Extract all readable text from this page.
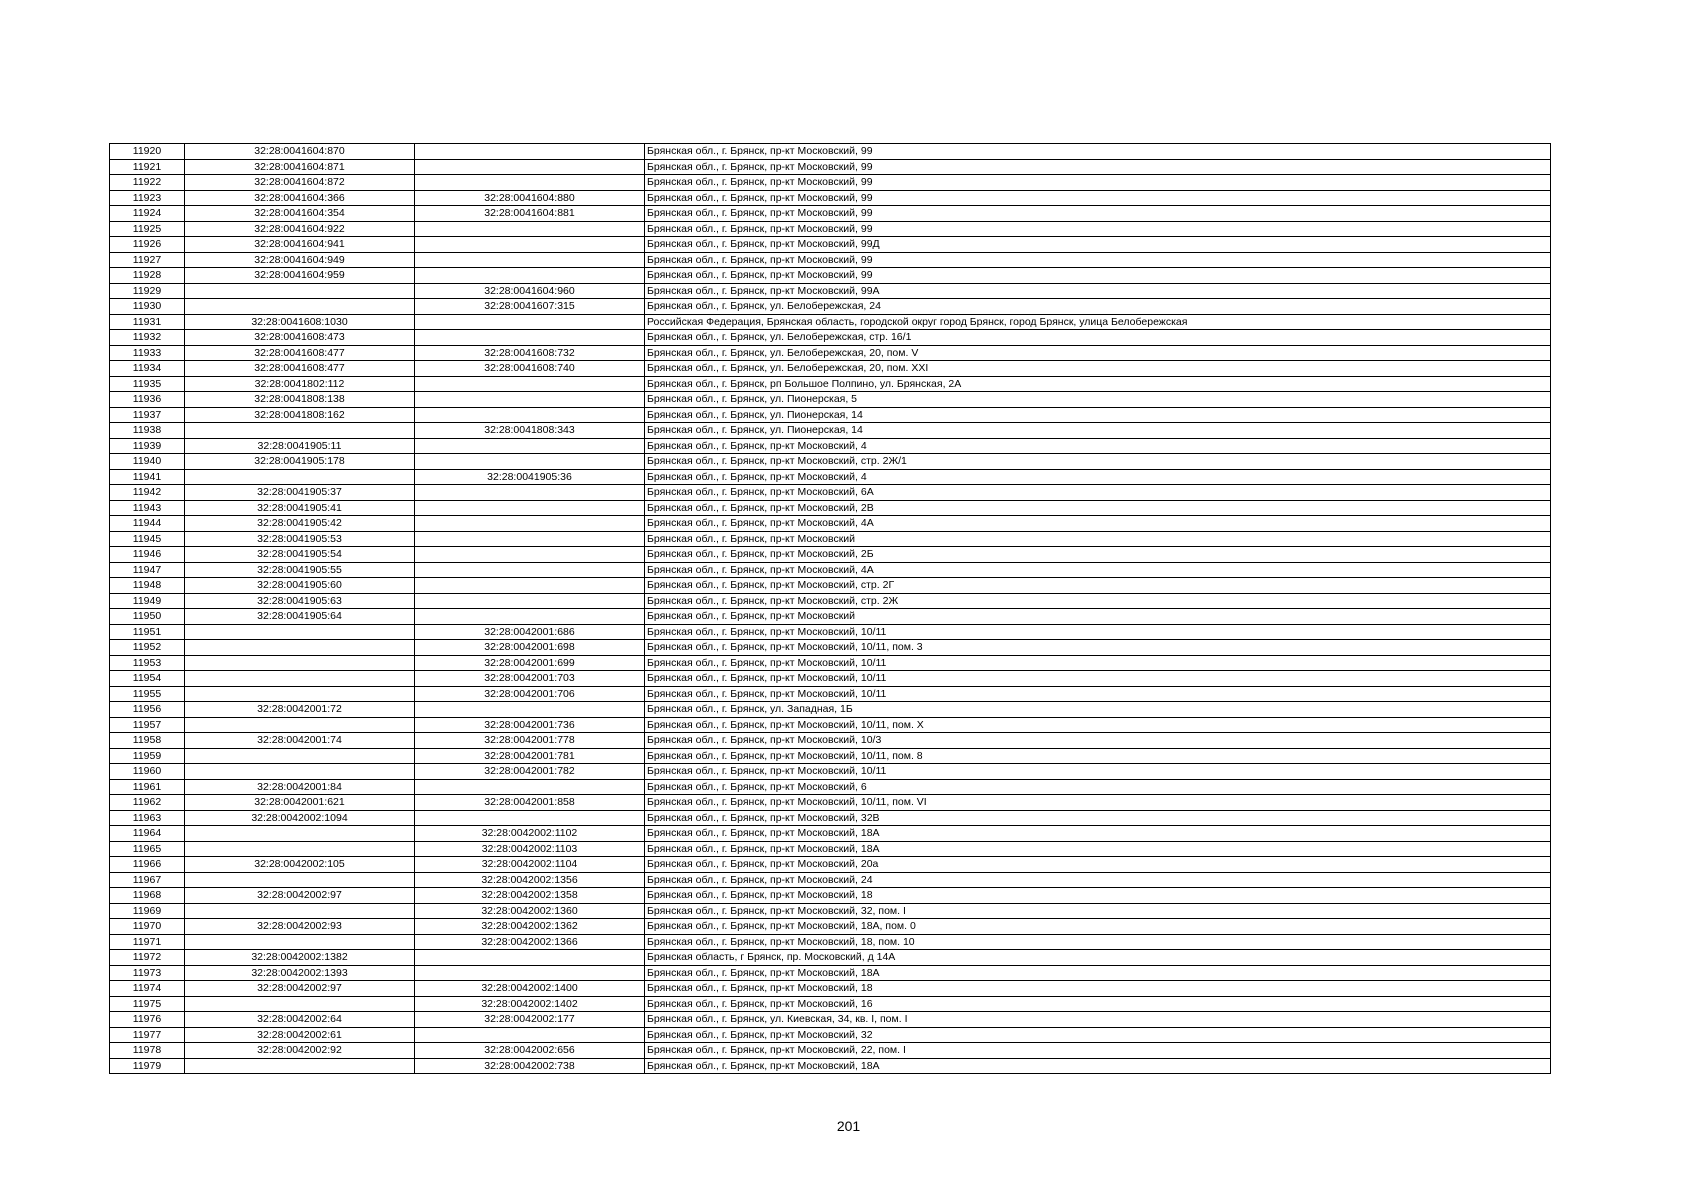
11920	32:28:0041604:870		Брянская обл., г. Брянск, пр-кт Московский, 99
11921	32:28:0041604:871		Брянская обл., г. Брянск, пр-кт Московский, 99
11922	32:28:0041604:872		Брянская обл., г. Брянск, пр-кт Московский, 99
11923	32:28:0041604:366	32:28:0041604:880	Брянская обл., г. Брянск, пр-кт Московский, 99
11924	32:28:0041604:354	32:28:0041604:881	Брянская обл., г. Брянск, пр-кт Московский, 99
11925	32:28:0041604:922		Брянская обл., г. Брянск, пр-кт Московский, 99
11926	32:28:0041604:941		Брянская обл., г. Брянск, пр-кт Московский, 99Д
11927	32:28:0041604:949		Брянская обл., г. Брянск, пр-кт Московский, 99
11928	32:28:0041604:959		Брянская обл., г. Брянск, пр-кт Московский, 99
11929		32:28:0041604:960	Брянская обл., г. Брянск, пр-кт Московский, 99А
11930		32:28:0041607:315	Брянская обл., г. Брянск, ул. Белобережская, 24
11931	32:28:0041608:1030		Российская Федерация, Брянская область, городской округ город Брянск, город Брянск, улица Белобережская
11932	32:28:0041608:473		Брянская обл., г. Брянск, ул. Белобережская, стр. 16/1
11933	32:28:0041608:477	32:28:0041608:732	Брянская обл., г. Брянск, ул. Белобережская, 20, пом. V
11934	32:28:0041608:477	32:28:0041608:740	Брянская обл., г. Брянск, ул. Белобережская, 20, пом. XXI
11935	32:28:0041802:112		Брянская обл., г. Брянск, рп Большое Полпино, ул. Брянская, 2А
11936	32:28:0041808:138		Брянская обл., г. Брянск, ул. Пионерская, 5
11937	32:28:0041808:162		Брянская обл., г. Брянск, ул. Пионерская, 14
11938		32:28:0041808:343	Брянская обл., г. Брянск, ул. Пионерская, 14
11939	32:28:0041905:11		Брянская обл., г. Брянск, пр-кт Московский, 4
11940	32:28:0041905:178		Брянская обл., г. Брянск, пр-кт Московский, стр. 2Ж/1
11941		32:28:0041905:36	Брянская обл., г. Брянск, пр-кт Московский, 4
11942	32:28:0041905:37		Брянская обл., г. Брянск, пр-кт Московский, 6А
11943	32:28:0041905:41		Брянская обл., г. Брянск, пр-кт Московский, 2В
11944	32:28:0041905:42		Брянская обл., г. Брянск, пр-кт Московский, 4А
11945	32:28:0041905:53		Брянская обл., г. Брянск, пр-кт Московский
11946	32:28:0041905:54		Брянская обл., г. Брянск, пр-кт Московский, 2Б
11947	32:28:0041905:55		Брянская обл., г. Брянск, пр-кт Московский, 4А
11948	32:28:0041905:60		Брянская обл., г. Брянск, пр-кт Московский, стр. 2Г
11949	32:28:0041905:63		Брянская обл., г. Брянск, пр-кт Московский, стр. 2Ж
11950	32:28:0041905:64		Брянская обл., г. Брянск, пр-кт Московский
11951		32:28:0042001:686	Брянская обл., г. Брянск, пр-кт Московский, 10/11
11952		32:28:0042001:698	Брянская обл., г. Брянск, пр-кт Московский, 10/11, пом. 3
11953		32:28:0042001:699	Брянская обл., г. Брянск, пр-кт Московский, 10/11
11954		32:28:0042001:703	Брянская обл., г. Брянск, пр-кт Московский, 10/11
11955		32:28:0042001:706	Брянская обл., г. Брянск, пр-кт Московский, 10/11
11956	32:28:0042001:72		Брянская обл., г. Брянск, ул. Западная, 1Б
11957		32:28:0042001:736	Брянская обл., г. Брянск, пр-кт Московский, 10/11, пом. X
11958	32:28:0042001:74	32:28:0042001:778	Брянская обл., г. Брянск, пр-кт Московский, 10/3
11959		32:28:0042001:781	Брянская обл., г. Брянск, пр-кт Московский, 10/11, пом. 8
11960		32:28:0042001:782	Брянская обл., г. Брянск, пр-кт Московский, 10/11
11961	32:28:0042001:84		Брянская обл., г. Брянск, пр-кт Московский, 6
11962	32:28:0042001:621	32:28:0042001:858	Брянская обл., г. Брянск, пр-кт Московский, 10/11, пом. VI
11963	32:28:0042002:1094		Брянская обл., г. Брянск, пр-кт Московский, 32В
11964		32:28:0042002:1102	Брянская обл., г. Брянск, пр-кт Московский, 18А
11965		32:28:0042002:1103	Брянская обл., г. Брянск, пр-кт Московский, 18А
11966	32:28:0042002:105	32:28:0042002:1104	Брянская обл., г. Брянск, пр-кт Московский, 20а
11967		32:28:0042002:1356	Брянская обл., г. Брянск, пр-кт Московский, 24
11968	32:28:0042002:97	32:28:0042002:1358	Брянская обл., г. Брянск, пр-кт Московский, 18
11969		32:28:0042002:1360	Брянская обл., г. Брянск, пр-кт Московский, 32, пом. I
11970	32:28:0042002:93	32:28:0042002:1362	Брянская обл., г. Брянск, пр-кт Московский, 18А, пом. 0
11971		32:28:0042002:1366	Брянская обл., г. Брянск, пр-кт Московский, 18, пом. 10
11972	32:28:0042002:1382		Брянская область, г Брянск, пр. Московский, д 14А
11973	32:28:0042002:1393		Брянская обл., г. Брянск, пр-кт Московский, 18А
11974	32:28:0042002:97	32:28:0042002:1400	Брянская обл., г. Брянск, пр-кт Московский, 18
11975		32:28:0042002:1402	Брянская обл., г. Брянск, пр-кт Московский, 16
11976	32:28:0042002:64	32:28:0042002:177	Брянская обл., г. Брянск, ул. Киевская, 34, кв. I, пом. I
11977	32:28:0042002:61		Брянская обл., г. Брянск, пр-кт Московский, 32
11978	32:28:0042002:92	32:28:0042002:656	Брянская обл., г. Брянск, пр-кт Московский, 22, пом. I
11979		32:28:0042002:738	Брянская обл., г. Брянск, пр-кт Московский, 18А
201
